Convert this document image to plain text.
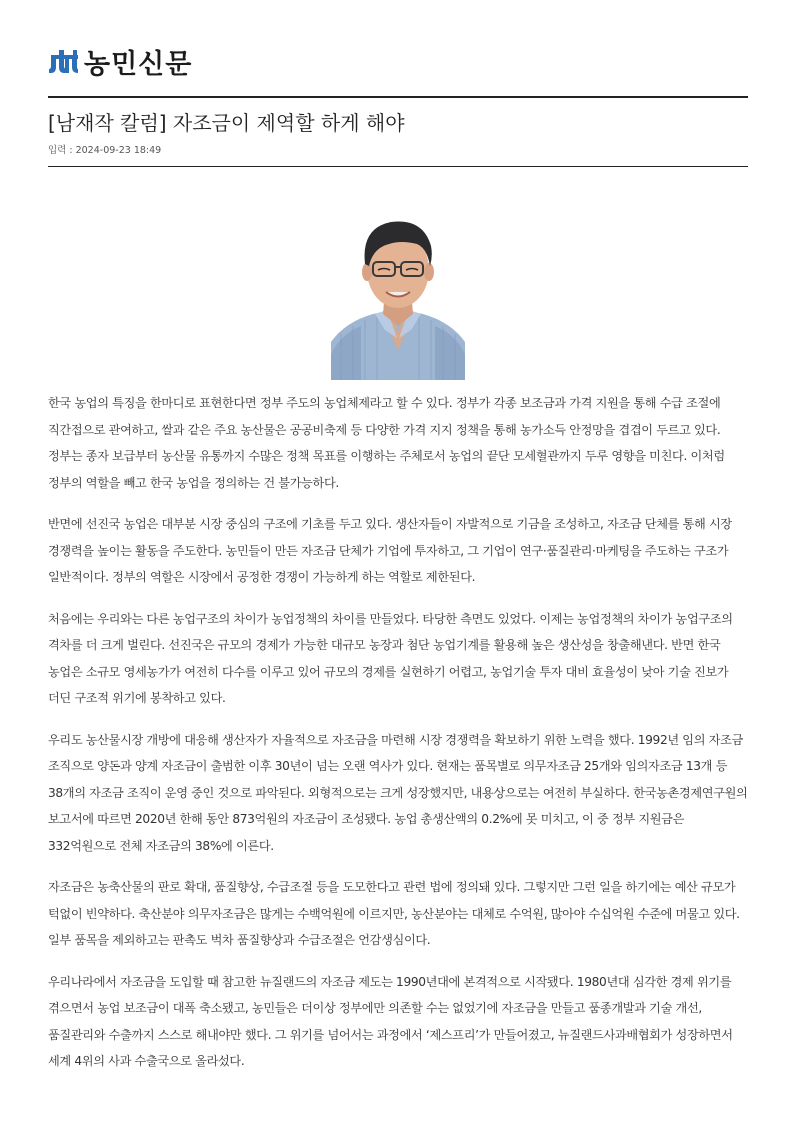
농민신문
[남재작 칼럼] 자조금이 제역할 하게 해야
입력 : 2024-09-23 18:49

한국 농업의 특징을 한마디로 표현한다면 정부 주도의 농업체제라고 할 수 있다. 정부가 각종 보조금과 가격 지원을 통해 수급 조절에 직간접으로 관여하고, 쌀과 같은 주요 농산물은 공공비축제 등 다양한 가격 지지 정책을 통해 농가소득 안정망을 겹겹이 두르고 있다. 정부는 종자 보급부터 농산물 유통까지 수많은 정책 목표를 이행하는 주체로서 농업의 끝단 모세혈관까지 두루 영향을 미친다. 이처럼 정부의 역할을 빼고 한국 농업을 정의하는 건 불가능하다.

반면에 선진국 농업은 대부분 시장 중심의 구조에 기초를 두고 있다. 생산자들이 자발적으로 기금을 조성하고, 자조금 단체를 통해 시장 경쟁력을 높이는 활동을 주도한다. 농민들이 만든 자조금 단체가 기업에 투자하고, 그 기업이 연구·품질관리·마케팅을 주도하는 구조가 일반적이다. 정부의 역할은 시장에서 공정한 경쟁이 가능하게 하는 역할로 제한된다.

처음에는 우리와는 다른 농업구조의 차이가 농업정책의 차이를 만들었다. 타당한 측면도 있었다. 이제는 농업정책의 차이가 농업구조의 격차를 더 크게 벌린다. 선진국은 규모의 경제가 가능한 대규모 농장과 첨단 농업기계를 활용해 높은 생산성을 창출해낸다. 반면 한국 농업은 소규모 영세농가가 여전히 다수를 이루고 있어 규모의 경제를 실현하기 어렵고, 농업기술 투자 대비 효율성이 낮아 기술 진보가 더딘 구조적 위기에 봉착하고 있다.

우리도 농산물시장 개방에 대응해 생산자가 자율적으로 자조금을 마련해 시장 경쟁력을 확보하기 위한 노력을 했다. 1992년 임의 자조금 조직으로 양돈과 양계 자조금이 출범한 이후 30년이 넘는 오랜 역사가 있다. 현재는 품목별로 의무자조금 25개와 임의자조금 13개 등 38개의 자조금 조직이 운영 중인 것으로 파악된다. 외형적으로는 크게 성장했지만, 내용상으로는 여전히 부실하다. 한국농촌경제연구원의 보고서에 따르면 2020년 한해 동안 873억원의 자조금이 조성됐다. 농업 총생산액의 0.2%에 못 미치고, 이 중 정부 지원금은 332억원으로 전체 자조금의 38%에 이른다.

자조금은 농축산물의 판로 확대, 품질향상, 수급조절 등을 도모한다고 관련 법에 정의돼 있다. 그렇지만 그런 일을 하기에는 예산 규모가 턱없이 빈약하다. 축산분야 의무자조금은 많게는 수백억원에 이르지만, 농산분야는 대체로 수억원, 많아야 수십억원 수준에 머물고 있다. 일부 품목을 제외하고는 판촉도 벅차 품질향상과 수급조절은 언감생심이다.

우리나라에서 자조금을 도입할 때 참고한 뉴질랜드의 자조금 제도는 1990년대에 본격적으로 시작됐다. 1980년대 심각한 경제 위기를 겪으면서 농업 보조금이 대폭 축소됐고, 농민들은 더이상 정부에만 의존할 수는 없었기에 자조금을 만들고 품종개발과 기술 개선, 품질관리와 수출까지 스스로 해내야만 했다. 그 위기를 넘어서는 과정에서 ‘제스프리’가 만들어졌고, 뉴질랜드사과배협회가 성장하면서 세계 4위의 사과 수출국으로 올라섰다.
